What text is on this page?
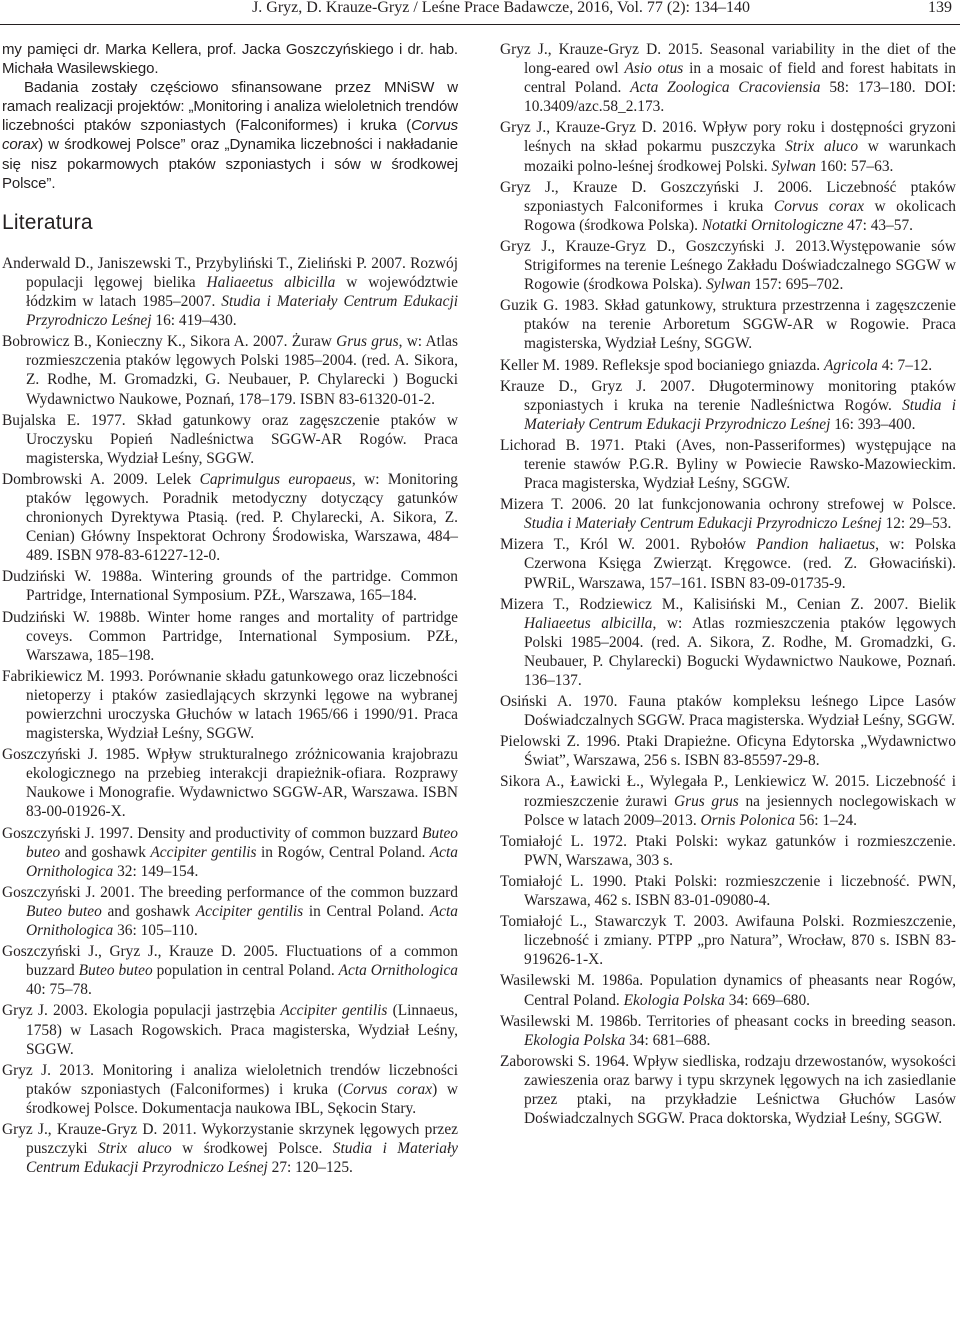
J. Gryz, D. Krauze-Gryz / Leśne Prace Badawcze, 2016, Vol. 77 (2): 134–140	139

my pamięci dr. Marka Kellera, prof. Jacka Goszczyńskiego i dr. hab. Michała Wasilewskiego.

Badania zostały częściowo sfinansowane przez MNiSW w ramach realizacji projektów: „Monitoring i analiza wieloletnich trendów liczebności ptaków szponiastych (Falconiformes) i kruka (Corvus corax) w środkowej Polsce” oraz „Dynamika liczebności i nakładanie się nisz pokarmowych ptaków szponiastych i sów w środkowej Polsce”.

Literatura

Anderwald D., Janiszewski T., Przybyliński T., Zieliński P. 2007. Rozwój populacji lęgowej bielika Haliaeetus albicilla w województwie łódzkim w latach 1985–2007. Studia i Materiały Centrum Edukacji Przyrodniczo Leśnej 16: 419–430.

Bobrowicz B., Konieczny K., Sikora A. 2007. Żuraw Grus grus, w: Atlas rozmieszczenia ptaków lęgowych Polski 1985–2004. (red. A. Sikora, Z. Rodhe, M. Gromadzki, G. Neubauer, P. Chylarecki ) Bogucki Wydawnictwo Naukowe, Poznań, 178–179. ISBN 83-61320-01-2.

Bujalska E. 1977. Skład gatunkowy oraz zagęszczenie ptaków w Uroczysku Popień Nadleśnictwa SGGW-AR Rogów. Praca magisterska, Wydział Leśny, SGGW.

Dombrowski A. 2009. Lelek Caprimulgus europaeus, w: Monitoring ptaków lęgowych. Poradnik metodyczny dotyczący gatunków chronionych Dyrektywa Ptasią. (red. P. Chylarecki, A. Sikora, Z. Cenian) Główny Inspektorat Ochrony Środowiska, Warszawa, 484–489. ISBN 978-83-61227-12-0.

Dudziński W. 1988a. Wintering grounds of the partridge. Common Partridge, International Symposium. PZŁ, Warszawa, 165–184.

Dudziński W. 1988b. Winter home ranges and mortality of partridge coveys. Common Partridge, International Symposium. PZŁ, Warszawa, 185–198.

Fabrikiewicz M. 1993. Porównanie składu gatunkowego oraz liczebności nietoperzy i ptaków zasiedlających skrzynki lęgowe na wybranej powierzchni uroczyska Głuchów w latach 1965/66 i 1990/91. Praca magisterska, Wydział Leśny, SGGW.

Goszczyński J. 1985. Wpływ strukturalnego zróżnicowania krajobrazu ekologicznego na przebieg interakcji drapieżnik-ofiara. Rozprawy Naukowe i Monografie. Wydawnictwo SGGW-AR, Warszawa. ISBN 83-00-01926-X.

Goszczyński J. 1997. Density and productivity of common buzzard Buteo buteo and goshawk Accipiter gentilis in Rogów, Central Poland. Acta Ornithologica 32: 149–154.

Goszczyński J. 2001. The breeding performance of the common buzzard Buteo buteo and goshawk Accipiter gentilis in Central Poland. Acta Ornithologica 36: 105–110.

Goszczyński J., Gryz J., Krauze D. 2005. Fluctuations of a common buzzard Buteo buteo population in central Poland. Acta Ornithologica 40: 75–78.

Gryz J. 2003. Ekologia populacji jastrzębia Accipiter gentilis (Linnaeus, 1758) w Lasach Rogowskich. Praca magisterska, Wydział Leśny, SGGW.

Gryz J. 2013. Monitoring i analiza wieloletnich trendów liczebności ptaków szponiastych (Falconiformes) i kruka (Corvus corax) w środkowej Polsce. Dokumentacja naukowa IBL, Sękocin Stary.

Gryz J., Krauze-Gryz D. 2011. Wykorzystanie skrzynek lęgowych przez puszczyki Strix aluco w środkowej Polsce. Studia i Materiały Centrum Edukacji Przyrodniczo Leśnej 27: 120–125.

Gryz J., Krauze-Gryz D. 2015. Seasonal variability in the diet of the long-eared owl Asio otus in a mosaic of field and forest habitats in central Poland. Acta Zoologica Cracoviensia 58: 173–180. DOI: 10.3409/azc.58_2.173.

Gryz J., Krauze-Gryz D. 2016. Wpływ pory roku i dostępności gryzoni leśnych na skład pokarmu puszczyka Strix aluco w warunkach mozaiki polno-leśnej środkowej Polski. Sylwan 160: 57–63.

Gryz J., Krauze D. Goszczyński J. 2006. Liczebność ptaków szponiastych Falconiformes i kruka Corvus corax w okolicach Rogowa (środkowa Polska). Notatki Ornitologiczne 47: 43–57.

Gryz J., Krauze-Gryz D., Goszczyński J. 2013.Występowanie sów Strigiformes na terenie Leśnego Zakładu Doświadczalnego SGGW w Rogowie (środkowa Polska). Sylwan 157: 695–702.

Guzik G. 1983. Skład gatunkowy, struktura przestrzenna i zagęszczenie ptaków na terenie Arboretum SGGW-AR w Rogowie. Praca magisterska, Wydział Leśny, SGGW.

Keller M. 1989. Refleksje spod bocianiego gniazda. Agricola 4: 7–12.

Krauze D., Gryz J. 2007. Długoterminowy monitoring ptaków szponiastych i kruka na terenie Nadleśnictwa Rogów. Studia i Materiały Centrum Edukacji Przyrodniczo Leśnej 16: 393–400.

Lichorad B. 1971. Ptaki (Aves, non-Passeriformes) występujące na terenie stawów P.G.R. Byliny w Powiecie Rawsko-Mazowieckim. Praca magisterska, Wydział Leśny, SGGW.

Mizera T. 2006. 20 lat funkcjonowania ochrony strefowej w Polsce. Studia i Materiały Centrum Edukacji Przyrodniczo Leśnej 12: 29–53.

Mizera T., Król W. 2001. Rybołów Pandion haliaetus, w: Polska Czerwona Księga Zwierząt. Kręgowce. (red. Z. Głowaciński). PWRiL, Warszawa, 157–161. ISBN 83-09-01735-9.

Mizera T., Rodziewicz M., Kalisiński M., Cenian Z. 2007. Bielik Haliaeetus albicilla, w: Atlas rozmieszczenia ptaków lęgowych Polski 1985–2004. (red. A. Sikora, Z. Rodhe, M. Gromadzki, G. Neubauer, P. Chylarecki) Bogucki Wydawnictwo Naukowe, Poznań. 136–137.

Osiński A. 1970. Fauna ptaków kompleksu leśnego Lipce Lasów Doświadczalnych SGGW. Praca magisterska. Wydział Leśny, SGGW.

Pielowski Z. 1996. Ptaki Drapieżne. Oficyna Edytorska „Wydawnictwo Świat”, Warszawa, 256 s. ISBN 83-85597-29-8.

Sikora A., Ławicki Ł., Wylegała P., Lenkiewicz W. 2015. Liczebność i rozmieszczenie żurawi Grus grus na jesiennych noclegowiskach w Polsce w latach 2009–2013. Ornis Polonica 56: 1–24.

Tomiałojć L. 1972. Ptaki Polski: wykaz gatunków i rozmieszczenie. PWN, Warszawa, 303 s.

Tomiałojć L. 1990. Ptaki Polski: rozmieszczenie i liczebność. PWN, Warszawa, 462 s. ISBN 83-01-09080-4.

Tomiałojć L., Stawarczyk T. 2003. Awifauna Polski. Rozmieszczenie, liczebność i zmiany. PTPP „pro Natura”, Wrocław, 870 s. ISBN 83-919626-1-X.

Wasilewski M. 1986a. Population dynamics of pheasants near Rogów, Central Poland. Ekologia Polska 34: 669–680.

Wasilewski M. 1986b. Territories of pheasant cocks in breeding season. Ekologia Polska 34: 681–688.

Zaborowski S. 1964. Wpływ siedliska, rodzaju drzewostanów, wysokości zawieszenia oraz barwy i typu skrzynek lęgowych na ich zasiedlanie przez ptaki, na przykładzie Leśnictwa Głuchów Lasów Doświadczalnych SGGW. Praca doktorska, Wydział Leśny, SGGW.
